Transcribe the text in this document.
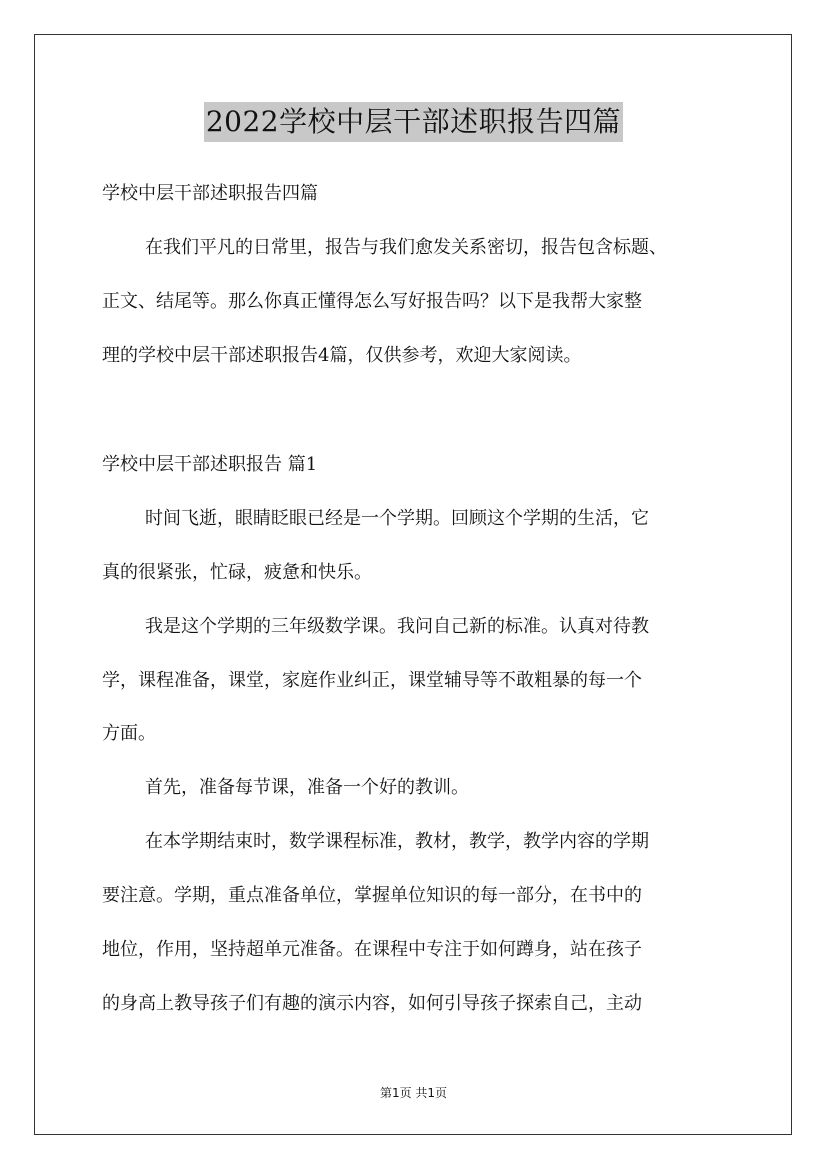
2022学校中层干部述职报告四篇
学校中层干部述职报告四篇
在我们平凡的日常里，报告与我们愈发关系密切，报告包含标题、
正文、结尾等。那么你真正懂得怎么写好报告吗？以下是我帮大家整
理的学校中层干部述职报告4篇，仅供参考，欢迎大家阅读。
学校中层干部述职报告 篇1
时间飞逝，眼睛眨眼已经是一个学期。回顾这个学期的生活，它
真的很紧张，忙碌，疲惫和快乐。
我是这个学期的三年级数学课。我问自己新的标准。认真对待教
学，课程准备，课堂，家庭作业纠正，课堂辅导等不敢粗暴的每一个
方面。
首先，准备每节课，准备一个好的教训。
在本学期结束时，数学课程标准，教材，教学，教学内容的学期
要注意。学期，重点准备单位，掌握单位知识的每一部分，在书中的
地位，作用，坚持超单元准备。在课程中专注于如何蹲身，站在孩子
的身高上教导孩子们有趣的演示内容，如何引导孩子探索自己，主动
第1页 共1页
